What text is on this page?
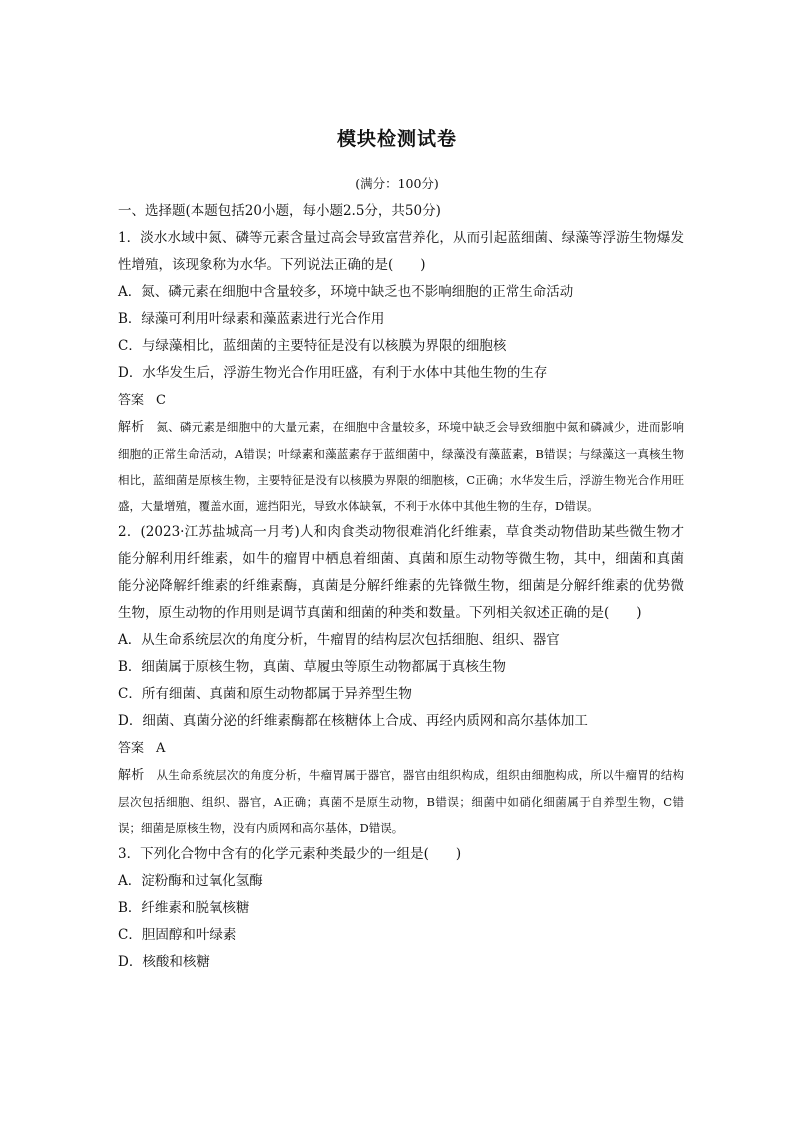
模块检测试卷
(满分：100分)
一、选择题(本题包括20小题，每小题2.5分，共50分)
1．淡水水域中氮、磷等元素含量过高会导致富营养化，从而引起蓝细菌、绿藻等浮游生物爆发性增殖，该现象称为水华。下列说法正确的是(　　)
A．氮、磷元素在细胞中含量较多，环境中缺乏也不影响细胞的正常生命活动
B．绿藻可利用叶绿素和藻蓝素进行光合作用
C．与绿藻相比，蓝细菌的主要特征是没有以核膜为界限的细胞核
D．水华发生后，浮游生物光合作用旺盛，有利于水体中其他生物的生存
答案 C
解析 氮、磷元素是细胞中的大量元素，在细胞中含量较多，环境中缺乏会导致细胞中氮和磷减少，进而影响细胞的正常生命活动，A错误；叶绿素和藻蓝素存于蓝细菌中，绿藻没有藻蓝素，B错误；与绿藻这一真核生物相比，蓝细菌是原核生物，主要特征是没有以核膜为界限的细胞核，C正确；水华发生后，浮游生物光合作用旺盛，大量增殖，覆盖水面，遮挡阳光，导致水体缺氧，不利于水体中其他生物的生存，D错误。
2．(2023·江苏盐城高一月考)人和肉食类动物很难消化纤维素，草食类动物借助某些微生物才能分解利用纤维素，如牛的瘤胃中栖息着细菌、真菌和原生动物等微生物，其中，细菌和真菌能分泌降解纤维素的纤维素酶，真菌是分解纤维素的先锋微生物，细菌是分解纤维素的优势微生物，原生动物的作用则是调节真菌和细菌的种类和数量。下列相关叙述正确的是(　　)
A．从生命系统层次的角度分析，牛瘤胃的结构层次包括细胞、组织、器官
B．细菌属于原核生物，真菌、草履虫等原生动物都属于真核生物
C．所有细菌、真菌和原生动物都属于异养型生物
D．细菌、真菌分泌的纤维素酶都在核糖体上合成、再经内质网和高尔基体加工
答案 A
解析 从生命系统层次的角度分析，牛瘤胃属于器官，器官由组织构成，组织由细胞构成，所以牛瘤胃的结构层次包括细胞、组织、器官，A正确；真菌不是原生动物，B错误；细菌中如硝化细菌属于自养型生物，C错误；细菌是原核生物，没有内质网和高尔基体，D错误。
3．下列化合物中含有的化学元素种类最少的一组是(　　)
A．淀粉酶和过氧化氢酶
B．纤维素和脱氧核糖
C．胆固醇和叶绿素
D．核酸和核糖
